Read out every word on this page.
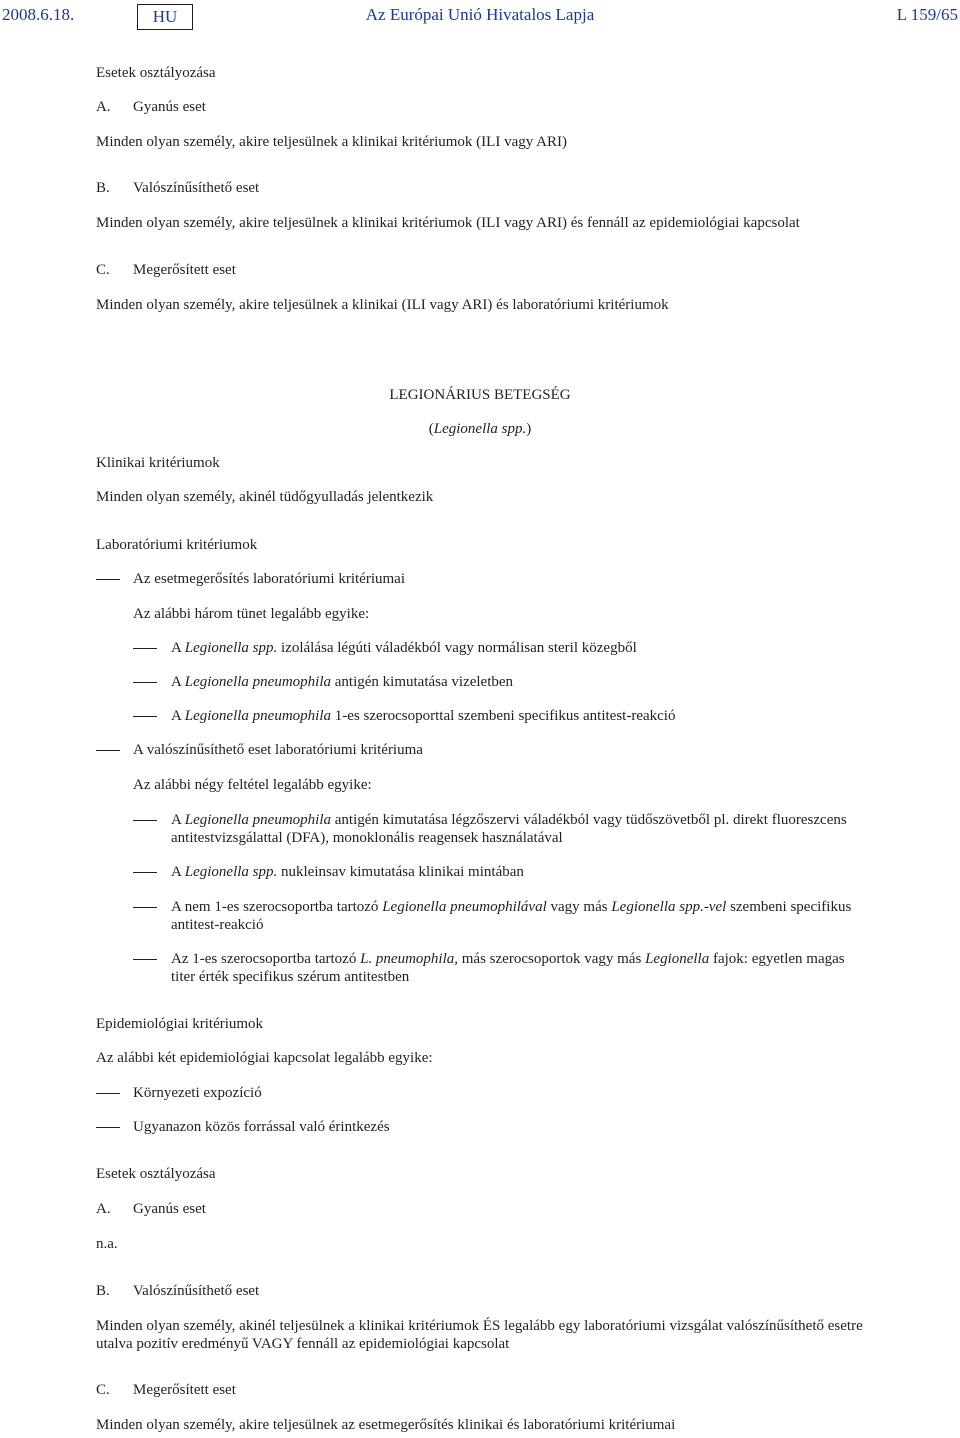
2008.6.18.	HU	Az Európai Unió Hivatalos Lapja	L 159/65
Esetek osztályozása
A. Gyanús eset
Minden olyan személy, akire teljesülnek a klinikai kritériumok (ILI vagy ARI)
B. Valószínűsíthető eset
Minden olyan személy, akire teljesülnek a klinikai kritériumok (ILI vagy ARI) és fennáll az epidemiológiai kapcsolat
C. Megerősített eset
Minden olyan személy, akire teljesülnek a klinikai (ILI vagy ARI) és laboratóriumi kritériumok
LEGIONÁRIUS BETEGSÉG
(Legionella spp.)
Klinikai kritériumok
Minden olyan személy, akinél tüdőgyulladás jelentkezik
Laboratóriumi kritériumok
Az esetmegerősítés laboratóriumi kritériumai
Az alábbi három tünet legalább egyike:
A Legionella spp. izolálása légúti váladékból vagy normálisan steril közegből
A Legionella pneumophila antigén kimutatása vizeletben
A Legionella pneumophila 1-es szerocsoporttal szembeni specifikus antitest-reakció
A valószínűsíthető eset laboratóriumi kritériuma
Az alábbi négy feltétel legalább egyike:
A Legionella pneumophila antigén kimutatása légzőszervi váladékból vagy tüdőszövetből pl. direkt fluoreszcens antitestvizsgálattal (DFA), monoklonális reagensek használatával
A Legionella spp. nukleinsav kimutatása klinikai mintában
A nem 1-es szerocsoportba tartozó Legionella pneumophilával vagy más Legionella spp.-vel szembeni specifikus antitest-reakció
Az 1-es szerocsoportba tartozó L. pneumophila, más szerocsoportok vagy más Legionella fajok: egyetlen magas titer érték specifikus szérum antitestben
Epidemiológiai kritériumok
Az alábbi két epidemiológiai kapcsolat legalább egyike:
Környezeti expozíció
Ugyanazon közös forrással való érintkezés
Esetek osztályozása
A. Gyanús eset
n.a.
B. Valószínűsíthető eset
Minden olyan személy, akinél teljesülnek a klinikai kritériumok ÉS legalább egy laboratóriumi vizsgálat valószínűsíthető esetre utalva pozitív eredményű VAGY fennáll az epidemiológiai kapcsolat
C. Megerősített eset
Minden olyan személy, akire teljesülnek az esetmegerősítés klinikai és laboratóriumi kritériumai
